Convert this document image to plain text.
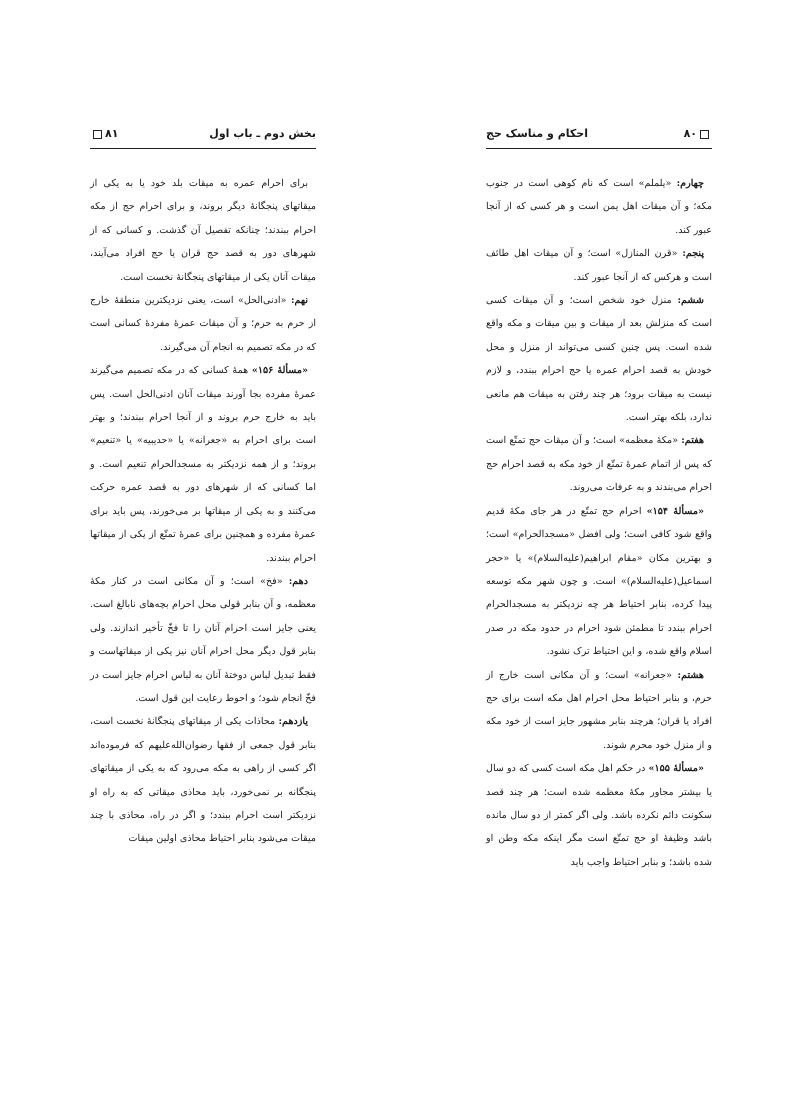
۸۱	بخش دوم ـ باب اول

برای احرام عمره به میقات بلد خود یا به یکی از میقاتهای پنجگانهٔ دیگر بروند، و برای احرام حج از مکه احرام ببندند؛ چنانکه تفصیل آن گذشت. و کسانی که از شهرهای دور به قصد حج قران یا حج افراد می‌آیند، میقات آنان یکی از میقاتهای پنجگانهٔ نخست است.

نهم: «ادنی‌الحل» است، یعنی نزدیکترین منطقهٔ خارج از حرم به حرم؛ و آن میقات عمرهٔ مفردهٔ کسانی است که در مکه تصمیم به انجام آن می‌گیرند.

«مسألهٔ ۱۵۶» همهٔ کسانی که در مکه تصمیم می‌گیرند عمرهٔ مفرده بجا آورند میقات آنان ادنی‌الحل است. پس باید به خارج حرم بروند و از آنجا احرام ببندند؛ و بهتر است برای احرام به «جعرانه» یا «حدیبیه» یا «تنعیم» بروند؛ و از همه نزدیکتر به مسجدالحرام تنعیم است. و اما کسانی که از شهرهای دور به قصد عمره حرکت می‌کنند و به یکی از میقاتها بر می‌خورند، پس باید برای عمرهٔ مفرده و همچنین برای عمرهٔ تمتّع از یکی از میقاتها احرام ببندند.

دهم: «فخ» است؛ و آن مکانی است در کنار مکهٔ معظمه، و آن بنابر قولی محل احرام بچه‌های نابالغ است. یعنی جایز است احرام آنان را تا فخّ تأخیر اندازند. ولی بنابر قول دیگر محل احرام آنان نیز یکی از میقاتهاست و فقط تبدیل لباس دوختهٔ آنان به لباس احرام جایز است در فخّ انجام شود؛ و احوط رعایت این قول است.

یازدهم: محاذات یکی از میقاتهای پنجگانهٔ نخست است، بنابر قول جمعی از فقها رضوان‌الله‌علیهم که فرموده‌اند اگر کسی از راهی به مکه می‌رود که به یکی از میقاتهای پنجگانه بر نمی‌خورد، باید محاذی میقاتی که به راه او نزدیکتر است احرام ببندد؛ و اگر در راه، محاذی با چند میقات می‌شود بنابر احتیاط محاذی اولین میقات

احکام و مناسک حج	۸۰

چهارم: «یلملم» است که نام کوهی است در جنوب مکه؛ و آن میقات اهل یمن است و هر کسی که از آنجا عبور کند.

پنجم: «قرن المنازل» است؛ و آن میقات اهل طائف است و هرکس که از آنجا عبور کند.

ششم: منزل خود شخص است؛ و آن میقات کسی است که منزلش بعد از میقات و بین میقات و مکه واقع شده است. پس چنین کسی می‌تواند از منزل و محل خودش به قصد احرام عمره یا حج احرام ببندد، و لازم نیست به میقات برود؛ هر چند رفتن به میقات هم مانعی ندارد، بلکه بهتر است.

هفتم: «مکهٔ معظمه» است؛ و آن میقات حج تمتّع است که پس از اتمام عمرهٔ تمتّع از خود مکه به قصد احرام حج احرام می‌بندند و به عرفات می‌روند.

«مسألهٔ ۱۵۴» احرام حج تمتّع در هر جای مکهٔ قدیم واقع شود کافی است؛ ولی افضل «مسجدالحرام» است؛ و بهترین مکان «مقام ابراهیم(علیه‌السلام)» یا «حجر اسماعیل(علیه‌السلام)» است. و چون شهر مکه توسعه پیدا کرده، بنابر احتیاط هر چه نزدیکتر به مسجدالحرام احرام ببندد تا مطمئن شود احرام در حدود مکه در صدر اسلام واقع شده، و این احتیاط ترک نشود.

هشتم: «جعرانه» است؛ و آن مکانی است خارج از حرم، و بنابر احتیاط محل احرام اهل مکه است برای حج افراد یا قران؛ هرچند بنابر مشهور جایز است از خود مکه و از منزل خود محرم شوند.

«مسألهٔ ۱۵۵» در حکم اهل مکه است کسی که دو سال یا بیشتر مجاور مکهٔ معظمه شده است؛ هر چند قصد سکونت دائم نکرده باشد. ولی اگر کمتر از دو سال مانده باشد وظیفهٔ او حج تمتّع است مگر اینکه مکه وطن او شده باشد؛ و بنابر احتیاط واجب باید
